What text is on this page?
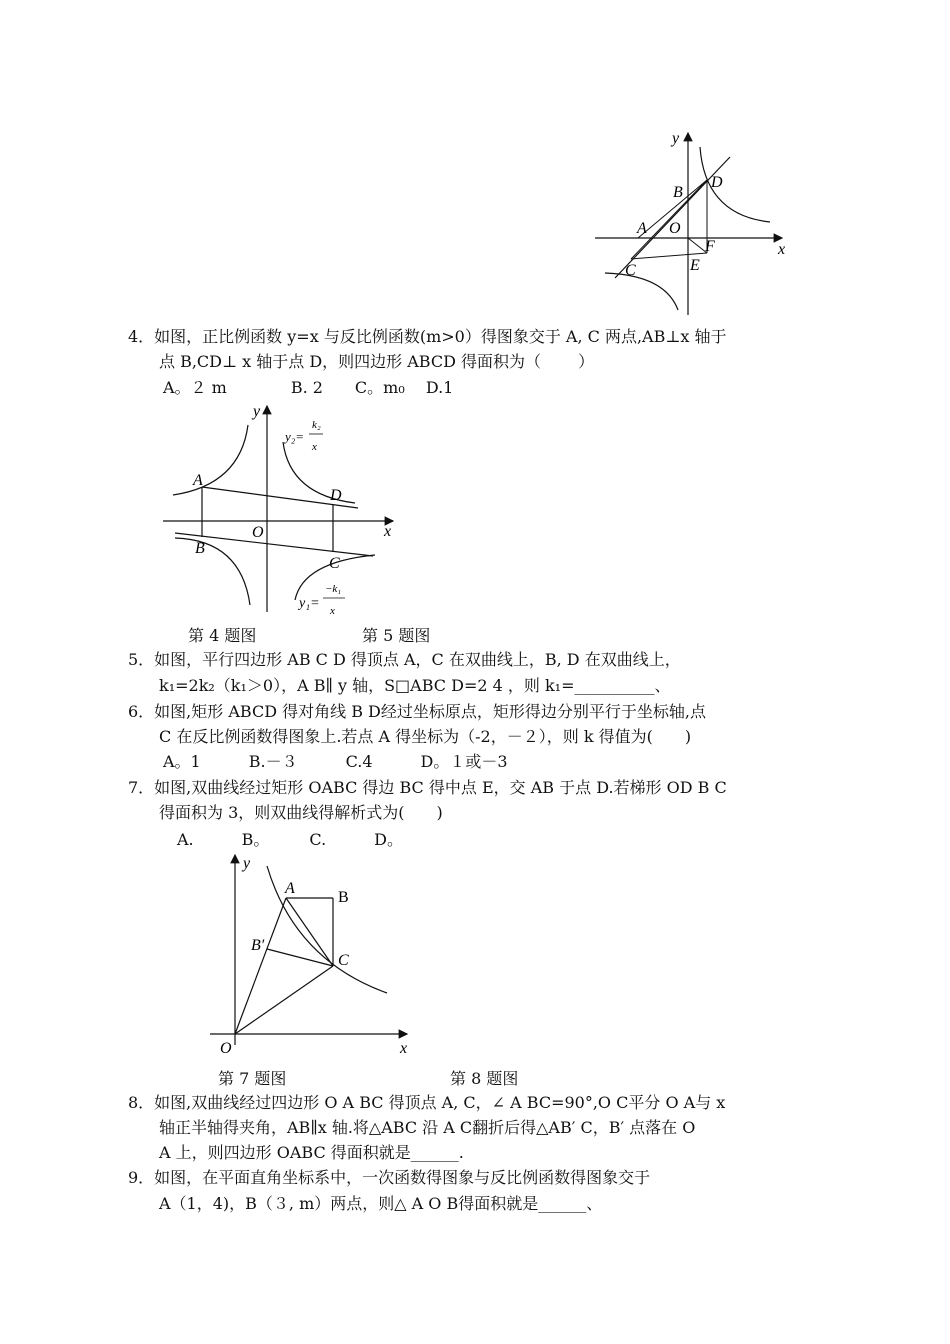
y
x
B
D
A O
F
E
C
4．如图，正比例函数 y=x 与反比例函数(m>0）得图象交于 A, C 两点,AB⊥x 轴于
点 B,CD⊥ x 轴于点 D，则四边形 ABCD 得面积为（　　 ）
A。２ m　　　　B. 2　　C。m₀　 D.1
y
y₂=
k₂
x
A
D
O	x
B
C
y₁=
−k₁
x
第 4 题图	第 5 题图
5．如图，平行四边形 AB C D 得顶点 A，C 在双曲线上，B, D 在双曲线上，
k₁=2k₂（k₁＞0），A B∥ y 轴，S□ABC D=2 4 ，则 k₁=__________、
6．如图,矩形 ABCD 得对角线 B D经过坐标原点，矩形得边分别平行于坐标轴,点
C 在反比例函数得图象上.若点 A 得坐标为（-2，－２），则 k 得值为(　　)
A。1　　　B.－３　　　C.4　　　D。１或－3
7．如图,双曲线经过矩形 OABC 得边 BC 得中点 E，交 AB 于点 D.若梯形 OD B C
得面积为 3，则双曲线得解析式为(　　)
A.　　　B。　　　C.　　　D。
y
A
B
B′
C
O	x
第 7 题图	第 8 题图
8．如图,双曲线经过四边形 O A BC 得顶点 A, C，∠ A BC=90°,O C平分 O A与 x
轴正半轴得夹角，AB∥x 轴.将△ABC 沿 A C翻折后得△AB′ C，B′ 点落在 O
A 上，则四边形 OABC 得面积就是______.
9．如图，在平面直角坐标系中，一次函数得图象与反比例函数得图象交于
A（1，4)，B（３, m）两点，则△ A O B得面积就是______、
